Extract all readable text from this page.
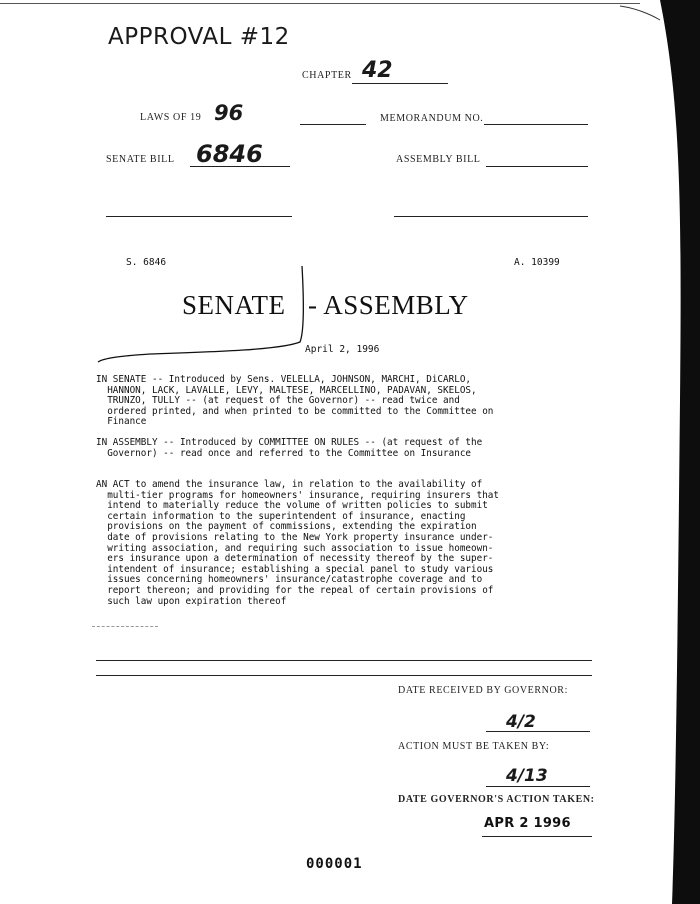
APPROVAL #12
CHAPTER 42
LAWS OF 19 96	MEMORANDUM NO.
SENATE BILL 6846	ASSEMBLY BILL
S. 6846	A. 10399
SENATE - ASSEMBLY
April 2, 1996
IN SENATE -- Introduced by Sens. VELELLA, JOHNSON, MARCHI, DiCARLO,
HANNON, LACK, LAVALLE, LEVY, MALTESE, MARCELLINO, PADAVAN, SKELOS,
TRUNZO, TULLY -- (at request of the Governor) -- read twice and
ordered printed, and when printed to be committed to the Committee on
Finance
IN ASSEMBLY -- Introduced by COMMITTEE ON RULES -- (at request of the
Governor) -- read once and referred to the Committee on Insurance
AN ACT to amend the insurance law, in relation to the availability of
multi-tier programs for homeowners' insurance, requiring insurers that
intend to materially reduce the volume of written policies to submit
certain information to the superintendent of insurance, enacting
provisions on the payment of commissions, extending the expiration
date of provisions relating to the New York property insurance under-
writing association, and requiring such association to issue homeown-
ers insurance upon a determination of necessity thereof by the super-
intendent of insurance; establishing a special panel to study various
issues concerning homeowners' insurance/catastrophe coverage and to
report thereon; and providing for the repeal of certain provisions of
such law upon expiration thereof
DATE RECEIVED BY GOVERNOR:
4/2
ACTION MUST BE TAKEN BY:
4/13
DATE GOVERNOR'S ACTION TAKEN:
APR 2 1996
000001
